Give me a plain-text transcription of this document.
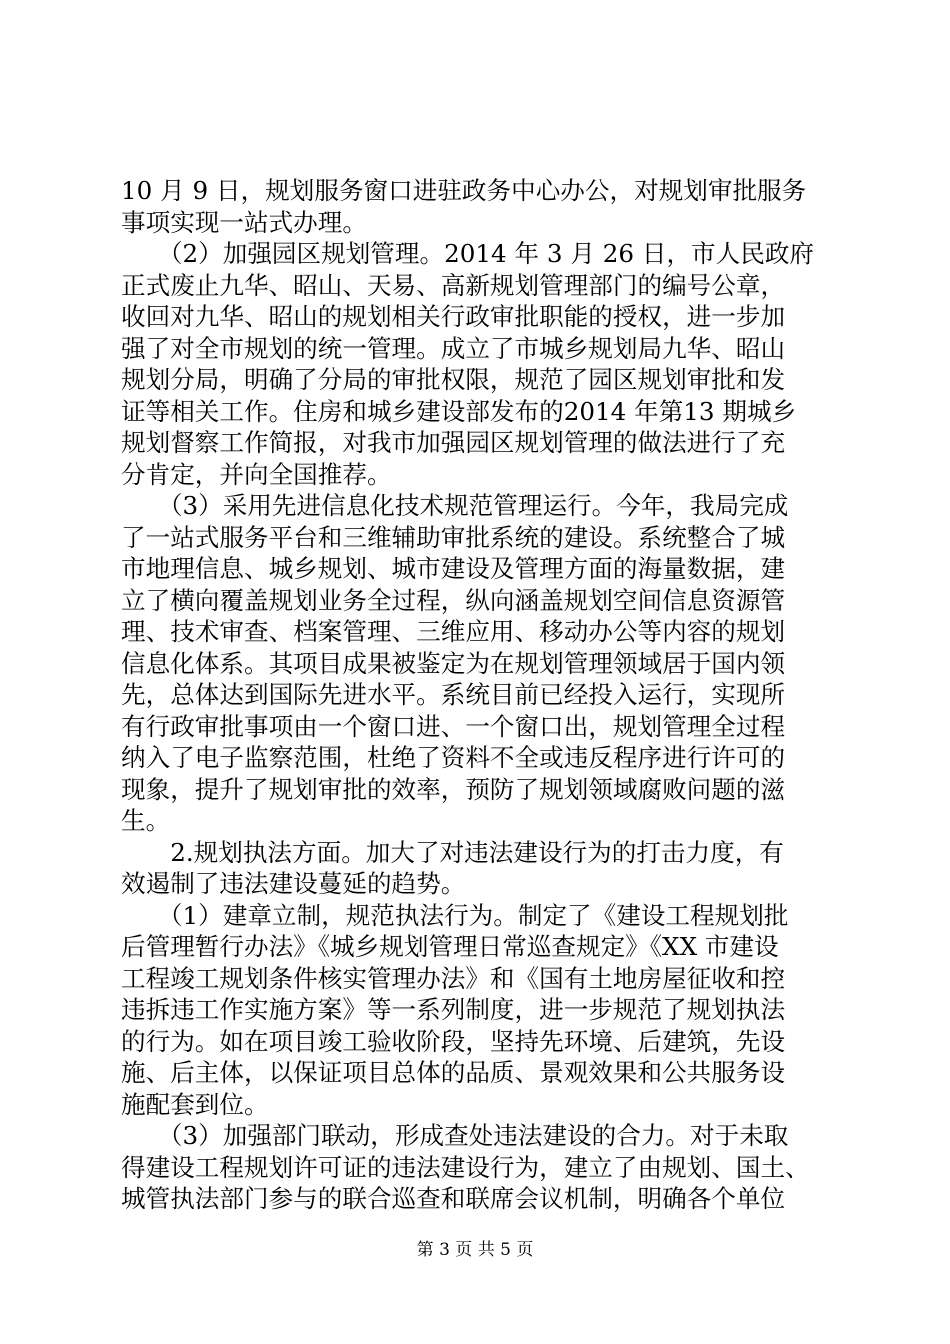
10 月 9 日，规划服务窗口进驻政务中心办公，对规划审批服务
事项实现一站式办理。
　　（2）加强园区规划管理。2014 年 3 月 26 日，市人民政府
正式废止九华、昭山、天易、高新规划管理部门的编号公章，
收回对九华、昭山的规划相关行政审批职能的授权，进一步加
强了对全市规划的统一管理。成立了市城乡规划局九华、昭山
规划分局，明确了分局的审批权限，规范了园区规划审批和发
证等相关工作。住房和城乡建设部发布的2014 年第13 期城乡
规划督察工作简报，对我市加强园区规划管理的做法进行了充
分肯定，并向全国推荐。
　　（3）采用先进信息化技术规范管理运行。今年，我局完成
了一站式服务平台和三维辅助审批系统的建设。系统整合了城
市地理信息、城乡规划、城市建设及管理方面的海量数据，建
立了横向覆盖规划业务全过程，纵向涵盖规划空间信息资源管
理、技术审查、档案管理、三维应用、移动办公等内容的规划
信息化体系。其项目成果被鉴定为在规划管理领域居于国内领
先，总体达到国际先进水平。系统目前已经投入运行，实现所
有行政审批事项由一个窗口进、一个窗口出，规划管理全过程
纳入了电子监察范围，杜绝了资料不全或违反程序进行许可的
现象，提升了规划审批的效率，预防了规划领域腐败问题的滋
生。
　　2.规划执法方面。加大了对违法建设行为的打击力度，有
效遏制了违法建设蔓延的趋势。
　　（1）建章立制，规范执法行为。制定了《建设工程规划批
后管理暂行办法》《城乡规划管理日常巡查规定》《XX 市建设
工程竣工规划条件核实管理办法》和《国有土地房屋征收和控
违拆违工作实施方案》等一系列制度，进一步规范了规划执法
的行为。如在项目竣工验收阶段，坚持先环境、后建筑，先设
施、后主体，以保证项目总体的品质、景观效果和公共服务设
施配套到位。
　　（3）加强部门联动，形成查处违法建设的合力。对于未取
得建设工程规划许可证的违法建设行为，建立了由规划、国土、
城管执法部门参与的联合巡查和联席会议机制，明确各个单位
第 3 页 共 5 页
